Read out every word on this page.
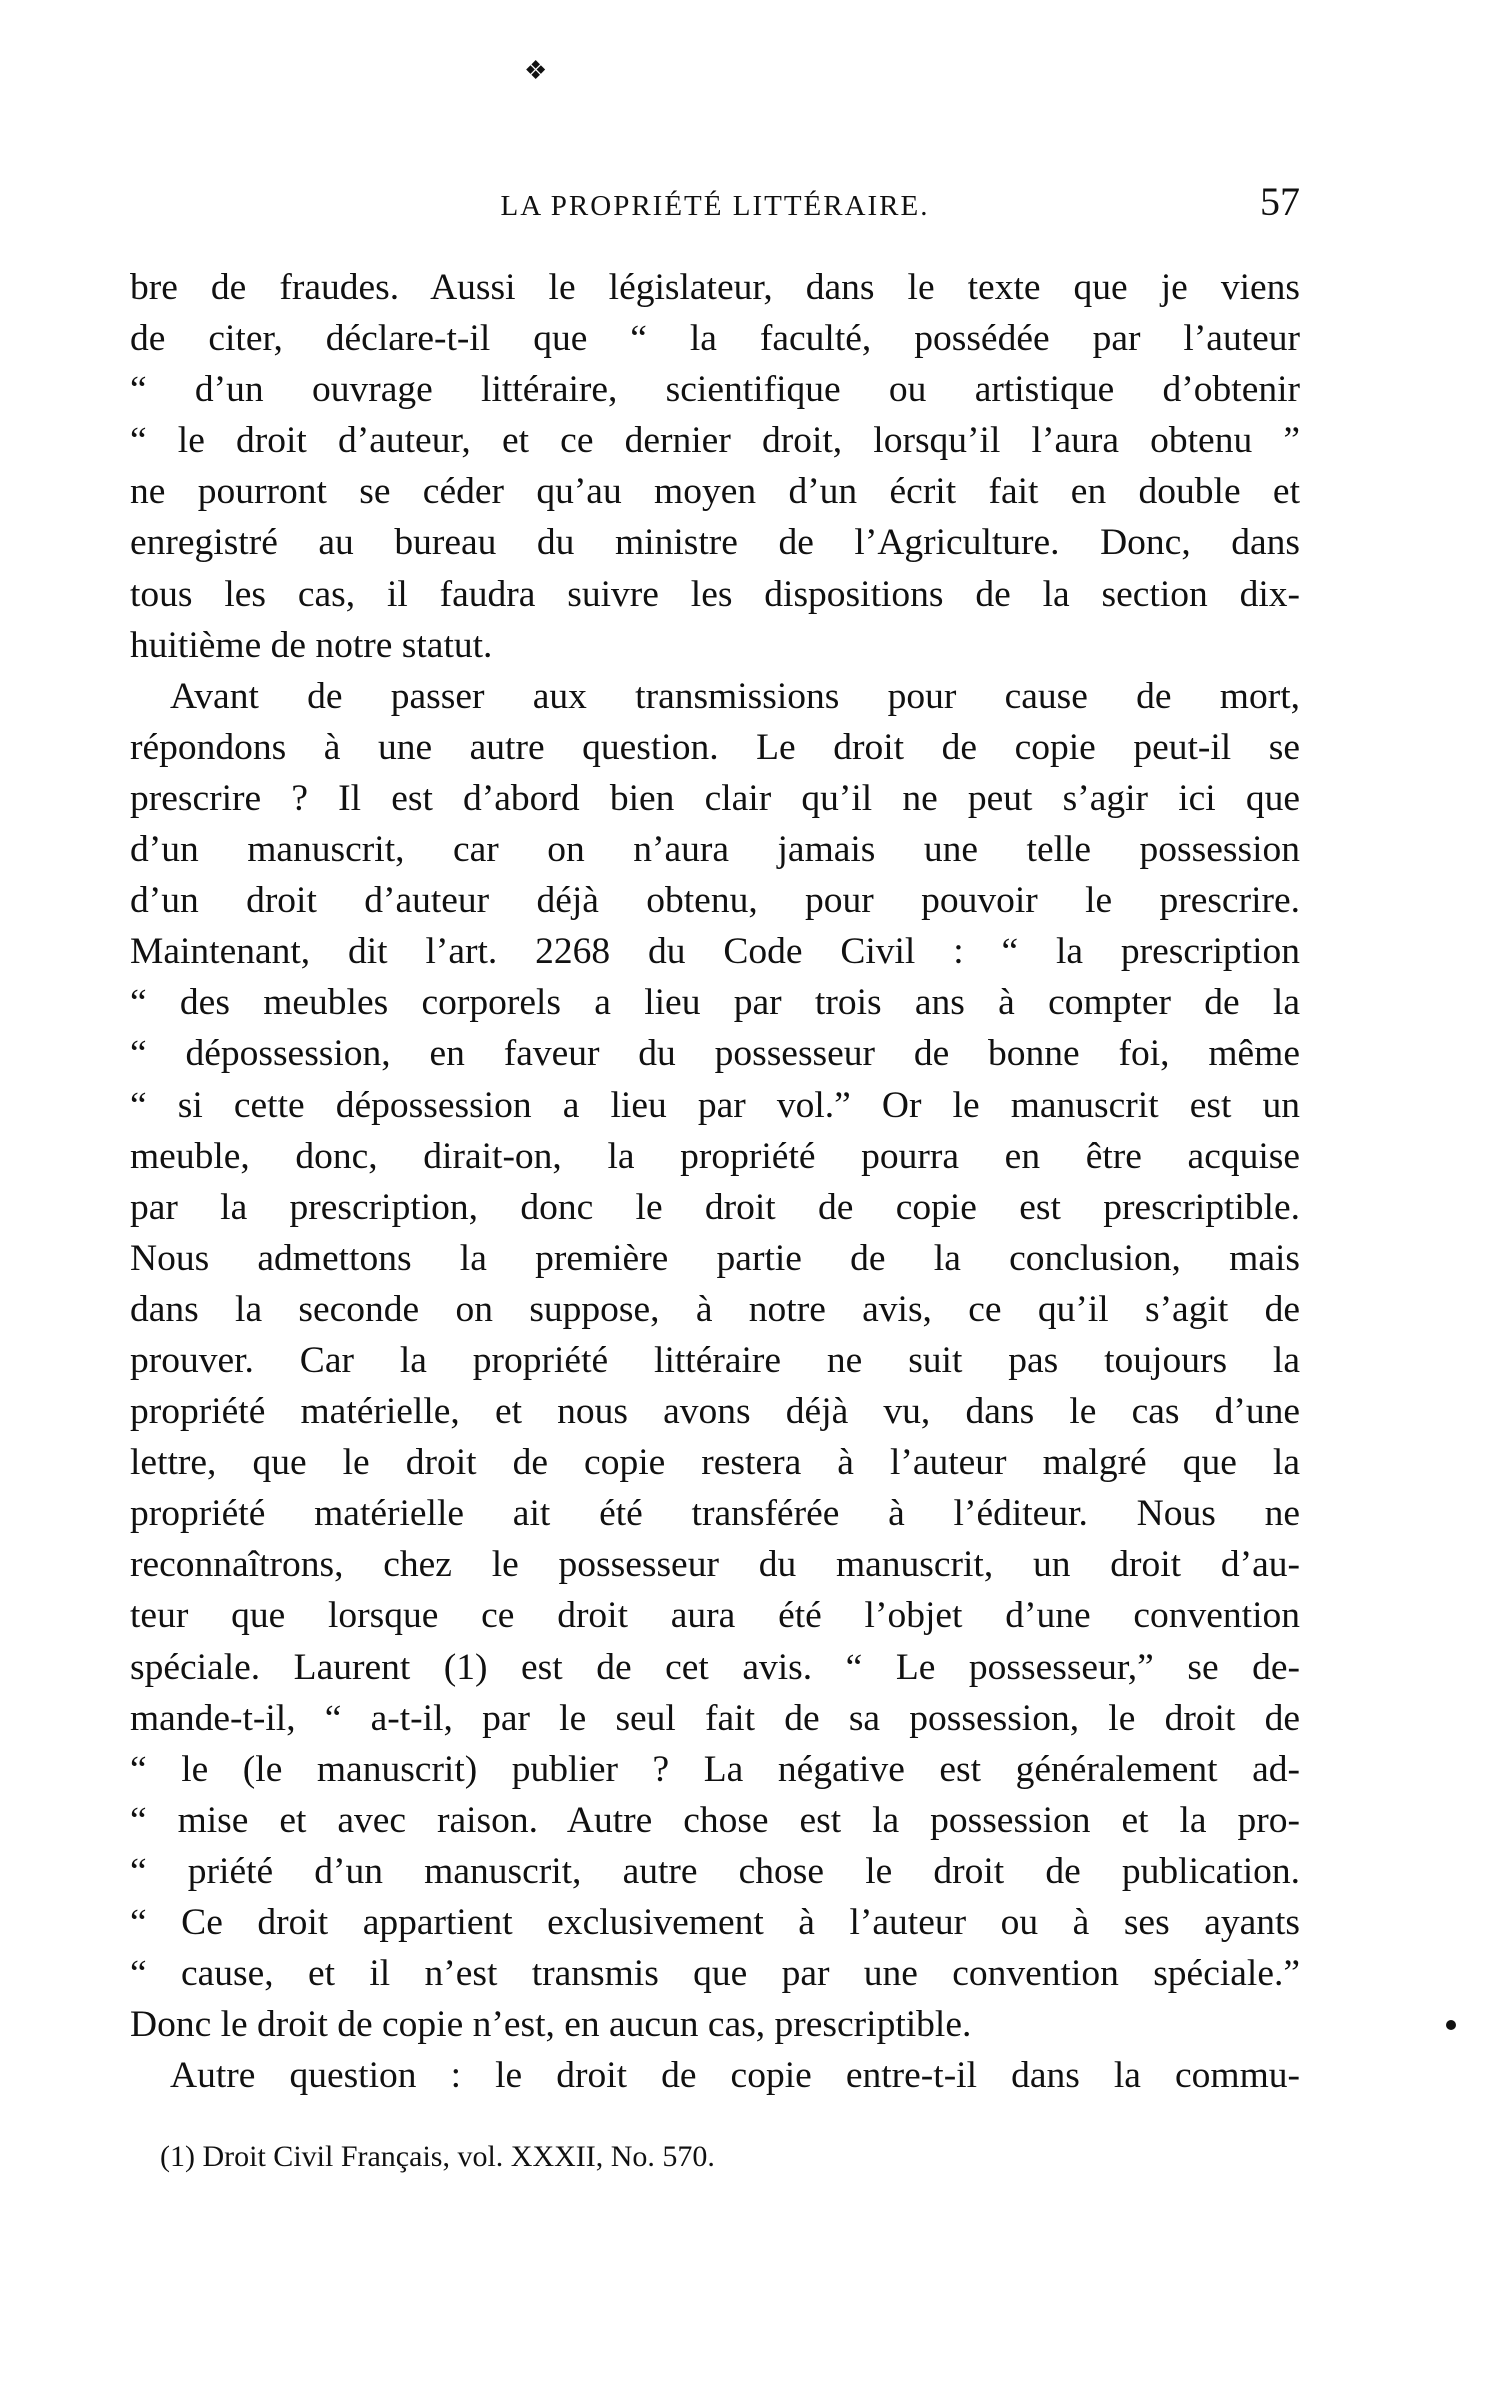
❖
LA PROPRIÉTÉ LITTÉRAIRE.	57
bre de fraudes. Aussi le législateur, dans le texte que je viens
de citer, déclare-t-il que “ la faculté, possédée par l’auteur
“ d’un ouvrage littéraire, scientifique ou artistique d’obtenir
“ le droit d’auteur, et ce dernier droit, lorsqu’il l’aura obtenu ”
ne pourront se céder qu’au moyen d’un écrit fait en double et
enregistré au bureau du ministre de l’Agriculture. Donc, dans
tous les cas, il faudra suivre les dispositions de la section dix-
huitième de notre statut.
Avant de passer aux transmissions pour cause de mort,
répondons à une autre question. Le droit de copie peut-il se
prescrire ? Il est d’abord bien clair qu’il ne peut s’agir ici que
d’un manuscrit, car on n’aura jamais une telle possession
d’un droit d’auteur déjà obtenu, pour pouvoir le prescrire.
Maintenant, dit l’art. 2268 du Code Civil : “ la prescription
“ des meubles corporels a lieu par trois ans à compter de la
“ dépossession, en faveur du possesseur de bonne foi, même
“ si cette dépossession a lieu par vol.” Or le manuscrit est un
meuble, donc, dirait-on, la propriété pourra en être acquise
par la prescription, donc le droit de copie est prescriptible.
Nous admettons la première partie de la conclusion, mais
dans la seconde on suppose, à notre avis, ce qu’il s’agit de
prouver. Car la propriété littéraire ne suit pas toujours la
propriété matérielle, et nous avons déjà vu, dans le cas d’une
lettre, que le droit de copie restera à l’auteur malgré que la
propriété matérielle ait été transférée à l’éditeur. Nous ne
reconnaîtrons, chez le possesseur du manuscrit, un droit d’au-
teur que lorsque ce droit aura été l’objet d’une convention
spéciale. Laurent (1) est de cet avis. “ Le possesseur,” se de-
mande-t-il, “ a-t-il, par le seul fait de sa possession, le droit de
“ le (le manuscrit) publier ? La négative est généralement ad-
“ mise et avec raison. Autre chose est la possession et la pro-
“ priété d’un manuscrit, autre chose le droit de publication.
“ Ce droit appartient exclusivement à l’auteur ou à ses ayants
“ cause, et il n’est transmis que par une convention spéciale.”
Donc le droit de copie n’est, en aucun cas, prescriptible.
Autre question : le droit de copie entre-t-il dans la commu-
(1) Droit Civil Français, vol. XXXII, No. 570.
